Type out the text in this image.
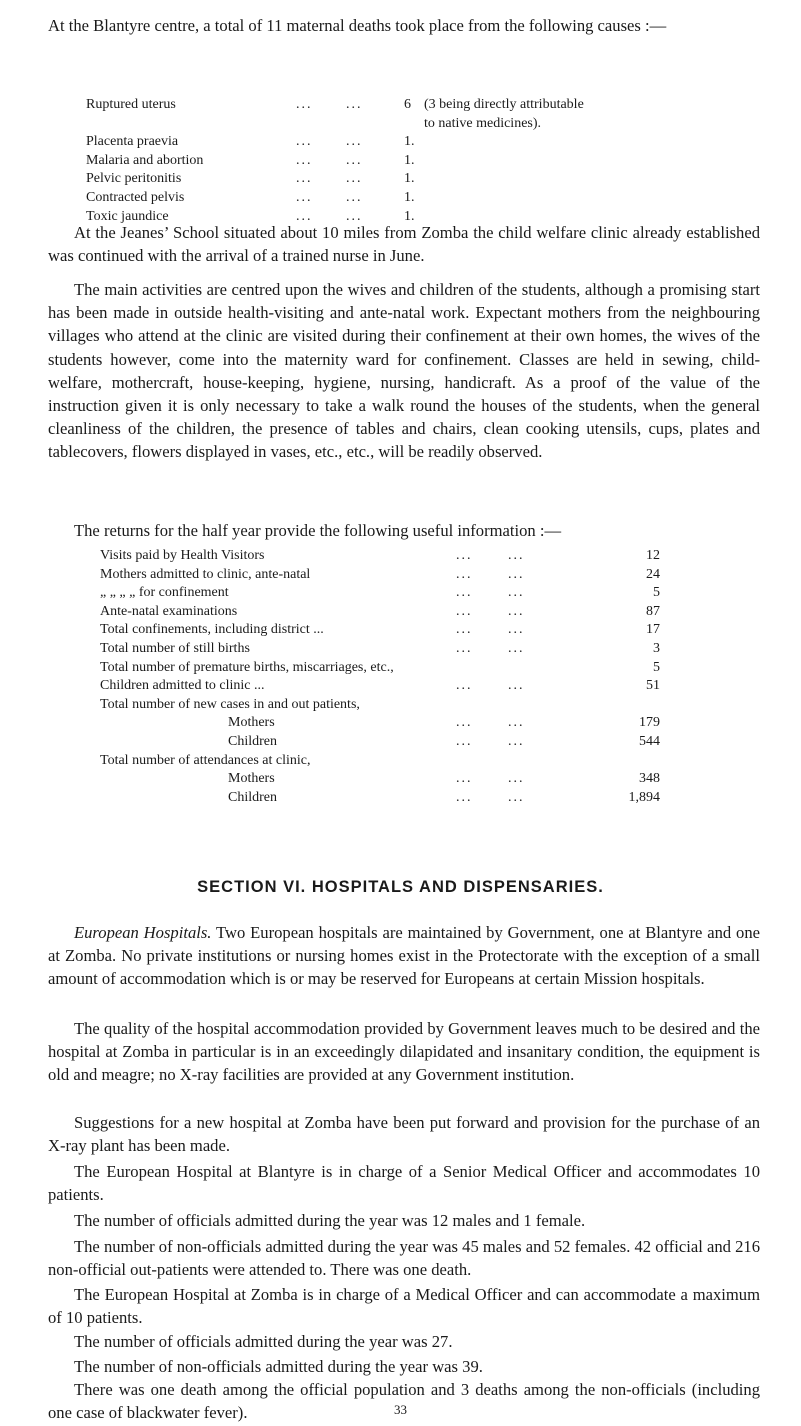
At the Blantyre centre, a total of 11 maternal deaths took place from the following causes :—

Ruptured uterus	... ...	6 (3 being directly attributable
to native medicines).
Placenta praevia	... ...	1.
Malaria and abortion	... ...	1.
Pelvic peritonitis	... ...	1.
Contracted pelvis	... ...	1.
Toxic jaundice	... ...	1.

At the Jeanes’ School situated about 10 miles from Zomba the child welfare clinic already established was continued with the arrival of a trained nurse in June.

The main activities are centred upon the wives and children of the students, although a promising start has been made in outside health-visiting and ante-natal work. Expectant mothers from the neighbouring villages who attend at the clinic are visited during their confinement at their own homes, the wives of the students however, come into the maternity ward for confinement. Classes are held in sewing, child-welfare, mothercraft, house-keeping, hygiene, nursing, handicraft. As a proof of the value of the instruction given it is only necessary to take a walk round the houses of the students, when the general cleanliness of the children, the presence of tables and chairs, clean cooking utensils, cups, plates and tablecovers, flowers displayed in vases, etc., etc., will be readily observed.

The returns for the half year provide the following useful information :—

Visits paid by Health Visitors	...	...	12
Mothers admitted to clinic, ante-natal	...	...	24
„ „ „ „ for confinement	...	...	5
Ante-natal examinations	...	...	87
Total confinements, including district ...	...	...	17
Total number of still births	...	...	3
Total number of premature births, miscarriages, etc.,	5
Children admitted to clinic ...	...	...	51
Total number of new cases in and out patients,
Mothers	...	...	179
Children	...	...	544
Total number of attendances at clinic,
Mothers	...	...	348
Children	...	...	1,894
SECTION VI. HOSPITALS AND DISPENSARIES.

European Hospitals. Two European hospitals are maintained by Government, one at Blantyre and one at Zomba. No private institutions or nursing homes exist in the Protectorate with the exception of a small amount of accommodation which is or may be reserved for Europeans at certain Mission hospitals.

The quality of the hospital accommodation provided by Government leaves much to be desired and the hospital at Zomba in particular is in an exceedingly dilapidated and insanitary condition, the equipment is old and meagre; no X-ray facilities are provided at any Government institution.

Suggestions for a new hospital at Zomba have been put forward and provision for the purchase of an X-ray plant has been made.

The European Hospital at Blantyre is in charge of a Senior Medical Officer and accommodates 10 patients.

The number of officials admitted during the year was 12 males and 1 female.

The number of non-officials admitted during the year was 45 males and 52 females. 42 official and 216 non-official out-patients were attended to. There was one death.

The European Hospital at Zomba is in charge of a Medical Officer and can accommodate a maximum of 10 patients.

The number of officials admitted during the year was 27.

The number of non-officials admitted during the year was 39.

There was one death among the official population and 3 deaths among the non-officials (including one case of blackwater fever).	33
